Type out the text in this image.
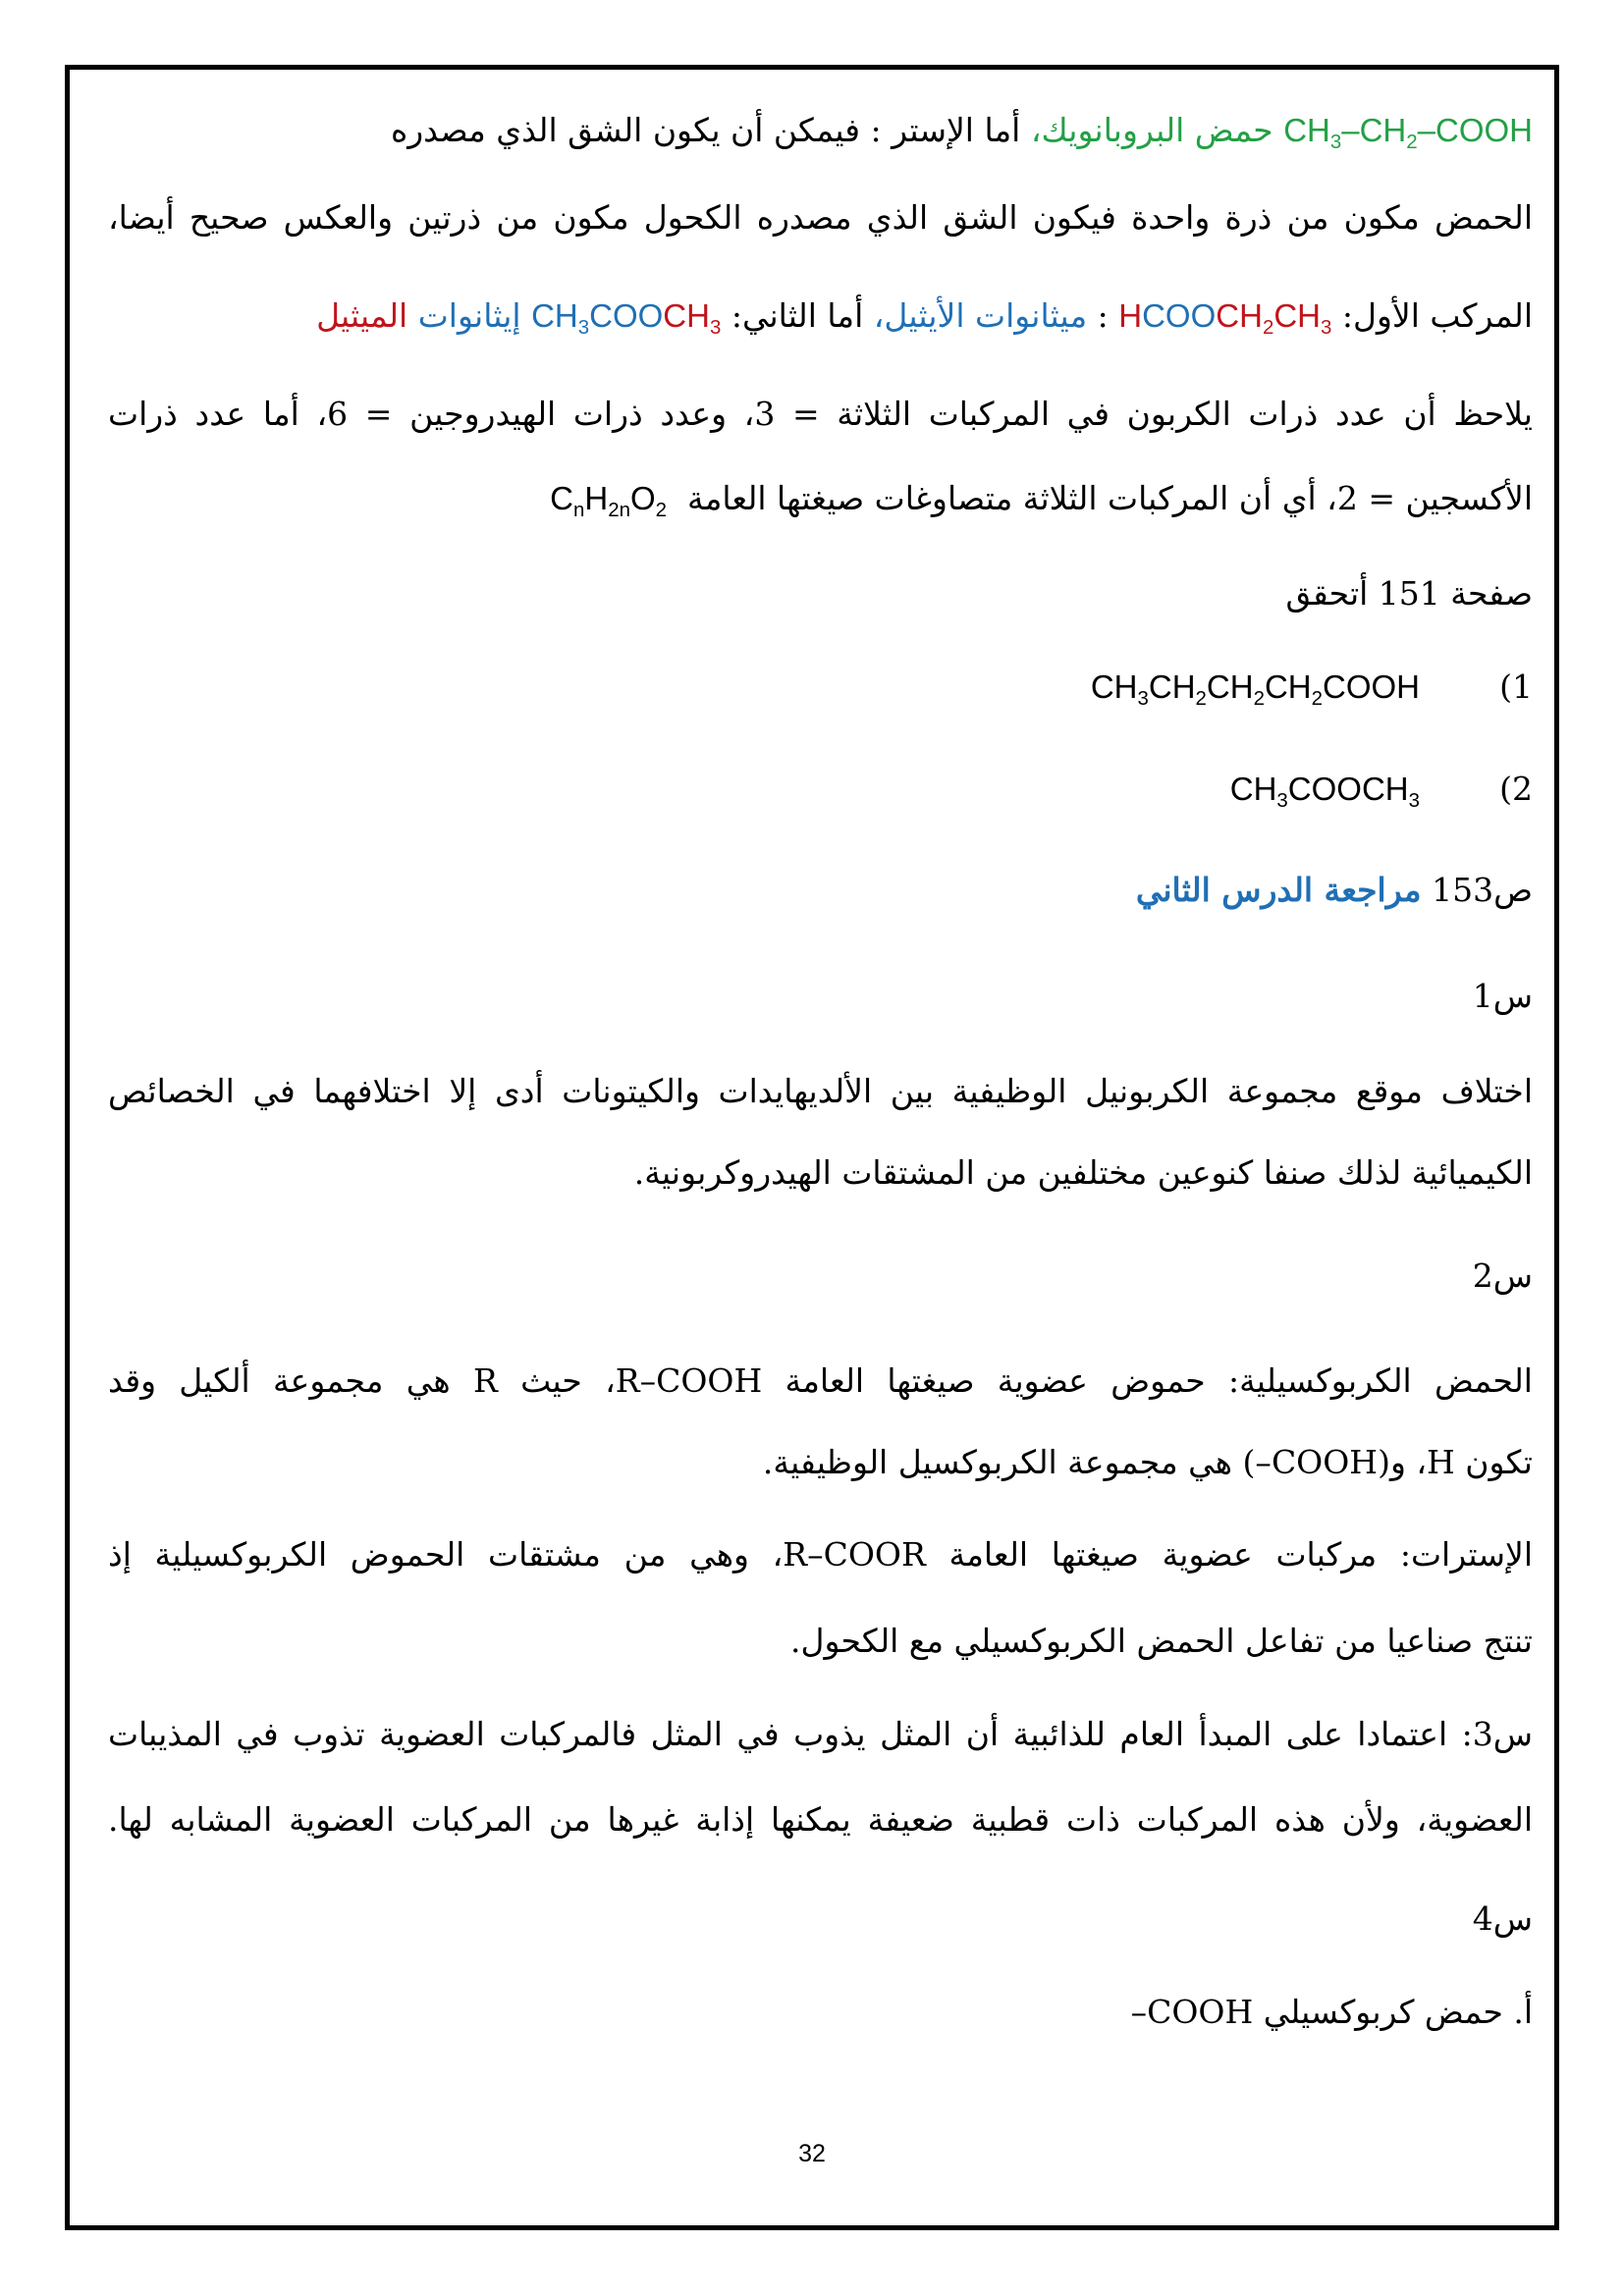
$CH_3-CH_2$–COOH حمض البروبانويك، أما الإستر : فيمكن أن يكون الشق الذي مصدره
الحمض مكون من ذرة واحدة فيكون الشق الذي مصدره الكحول مكون من ذرتين والعكس صحيح أيضا،
المركب الأول: $HCOOCH_2CH_3$ : ميثانوات الأيثيل، أما الثاني: $CH_3COOCH_3$ إيثانوات الميثيل
يلاحظ أن عدد ذرات الكربون في المركبات الثلاثة = 3، وعدد ذرات الهيدروجين = 6، أما عدد ذرات
الأكسجين = 2، أي أن المركبات الثلاثة متصاوغات صيغتها العامة  $C_nH_{2n}O_2$
صفحة 151 أتحقق
1)  $CH_3CH_2CH_2CH_2COOH$
2)  $CH_3COOCH_3$
ص153 مراجعة الدرس الثاني
س1
اختلاف موقع مجموعة الكربونيل الوظيفية بين الألديهايدات والكيتونات أدى إلا اختلافهما في الخصائص
الكيميائية لذلك صنفا كنوعين مختلفين من المشتقات الهيدروكربونية.
س2
الحمض الكربوكسيلية: حموض عضوية صيغتها العامة R–COOH، حيث R هي مجموعة ألكيل وقد
تكون H، و(COOH–) هي مجموعة الكربوكسيل الوظيفية.
الإسترات: مركبات عضوية صيغتها العامة R–COOR، وهي من مشتقات الحموض الكربوكسيلية إذ
تنتج صناعيا من تفاعل الحمض الكربوكسيلي مع الكحول.
س3: اعتمادا على المبدأ العام للذائبية أن المثل يذوب في المثل فالمركبات العضوية تذوب في المذيبات
العضوية، ولأن هذه المركبات ذات قطبية ضعيفة يمكنها إذابة غيرها من المركبات العضوية المشابه لها.
س4
أ. حمض كربوكسيلي COOH–
32
